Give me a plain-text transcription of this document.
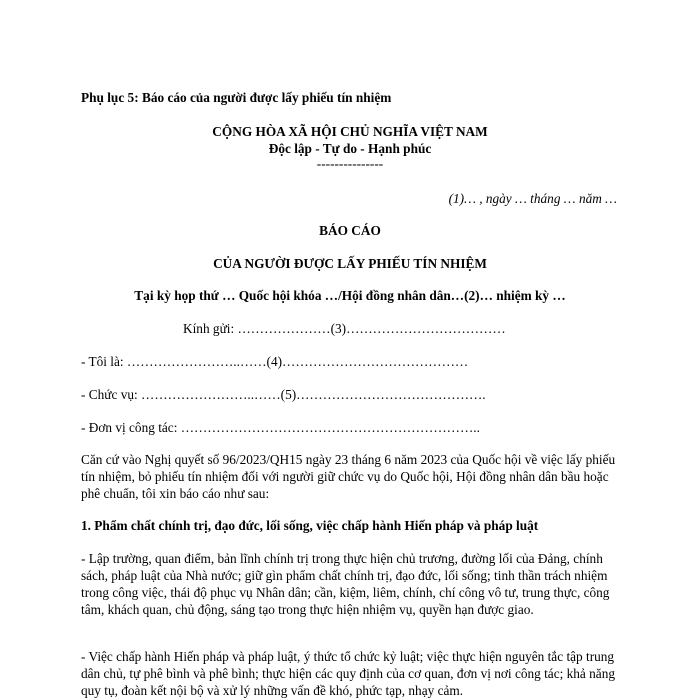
Phụ lục 5: Báo cáo của người được lấy phiếu tín nhiệm
CỘNG HÒA XÃ HỘI CHỦ NGHĨA VIỆT NAM
Độc lập - Tự do - Hạnh phúc
---------------
(1)… , ngày … tháng … năm …
BÁO CÁO
CỦA NGƯỜI ĐƯỢC LẤY PHIẾU TÍN NHIỆM
Tại kỳ họp thứ … Quốc hội khóa …/Hội đồng nhân dân…(2)… nhiệm kỳ …
Kính gửi: …………………(3)………………………………
- Tôi là: ……………………..……(4)……………………………………
- Chức vụ: ……………………..……(5)…………………………………….
- Đơn vị công tác: …………………………………………………………..
Căn cứ vào Nghị quyết số 96/2023/QH15 ngày 23 tháng 6 năm 2023 của Quốc hội về việc lấy phiếu tín nhiệm, bỏ phiếu tín nhiệm đối với người giữ chức vụ do Quốc hội, Hội đồng nhân dân bầu hoặc phê chuẩn, tôi xin báo cáo như sau:
1. Phẩm chất chính trị, đạo đức, lối sống, việc chấp hành Hiến pháp và pháp luật
- Lập trường, quan điểm, bản lĩnh chính trị trong thực hiện chủ trương, đường lối của Đảng, chính sách, pháp luật của Nhà nước; giữ gìn phẩm chất chính trị, đạo đức, lối sống; tinh thần trách nhiệm trong công việc, thái độ phục vụ Nhân dân; cần, kiệm, liêm, chính, chí công vô tư, trung thực, công tâm, khách quan, chủ động, sáng tạo trong thực hiện nhiệm vụ, quyền hạn được giao.
- Việc chấp hành Hiến pháp và pháp luật, ý thức tổ chức kỷ luật; việc thực hiện nguyên tắc tập trung dân chủ, tự phê bình và phê bình; thực hiện các quy định của cơ quan, đơn vị nơi công tác; khả năng quy tụ, đoàn kết nội bộ và xử lý những vấn đề khó, phức tạp, nhạy cảm.
